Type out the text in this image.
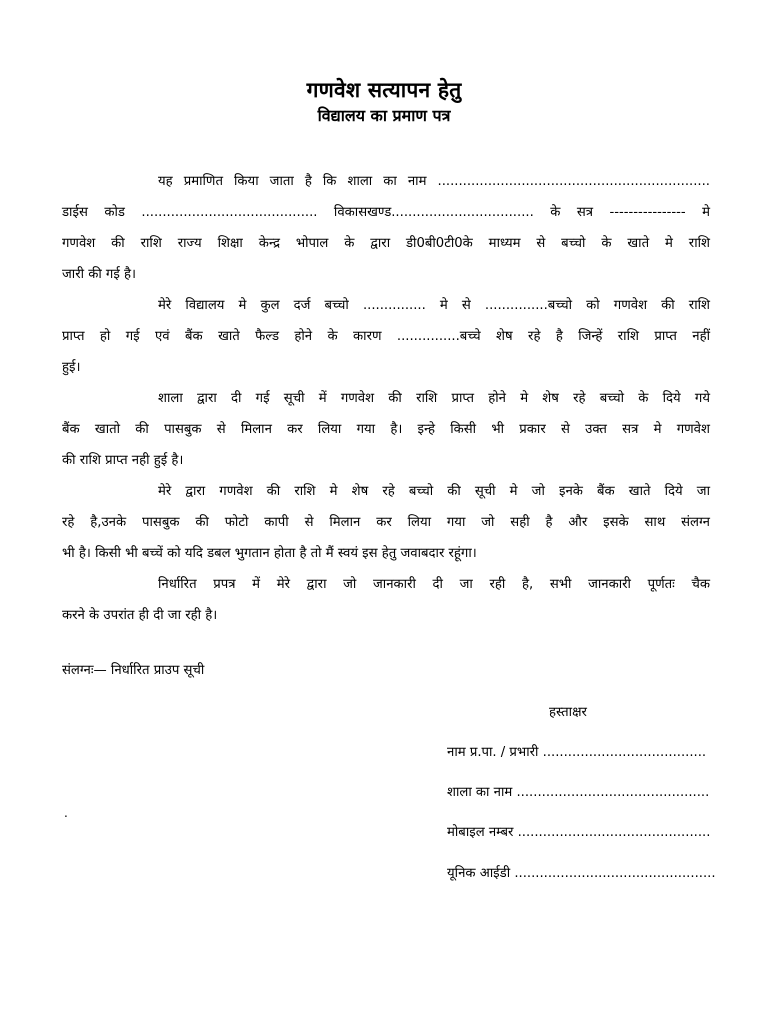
गणवेश सत्यापन हेतु
विद्यालय का प्रमाण पत्र

यह प्रमाणित किया जाता है कि शाला का नाम .................................................................
डाईस कोड .......................................... विकासखण्ड.................................. के सत्र ---------------- मे
गणवेश की राशि राज्य शिक्षा केन्द्र भोपाल के द्वारा डी0बी0टी0के माध्यम से बच्चो के खाते मे राशि
जारी की गई है।

मेरे विद्यालय मे कुल दर्ज बच्चो ............... मे से ...............बच्चो को गणवेश की राशि
प्राप्त हो गई एवं बैंक खाते फैल्ड होने के कारण ...............बच्चे शेष रहे है जिन्हें राशि प्राप्त नहीं
हुई।

शाला द्वारा दी गई सूची में गणवेश की राशि प्राप्त होने मे शेष रहे बच्चो के दिये गये
बैंक खातो की पासबुक से मिलान कर लिया गया है। इन्हे किसी भी प्रकार से उक्त सत्र मे गणवेश
की राशि प्राप्त नही हुई है।

मेरे द्वारा गणवेश की राशि मे शेष रहे बच्चो की सूची मे जो इनके बैंक खाते दिये जा
रहे है,उनके पासबुक की फोटो कापी से मिलान कर लिया गया जो सही है और इसके साथ संलग्न
भी है। किसी भी बच्चें को यदि डबल भुगतान होता है तो मैं स्वयं इस हेतु जवाबदार रहूंगा।

निर्धारित प्रपत्र में मेरे द्वारा जो जानकारी दी जा रही है, सभी जानकारी पूर्णतः चैक
करने के उपरांत ही दी जा रही है।

संलग्नः— निर्धारित प्राउप सूची
.
हस्ताक्षर
नाम प्र.पा. / प्रभारी .......................................
शाला का नाम ..............................................
मोबाइल नम्बर ..............................................
यूनिक आईडी ................................................
